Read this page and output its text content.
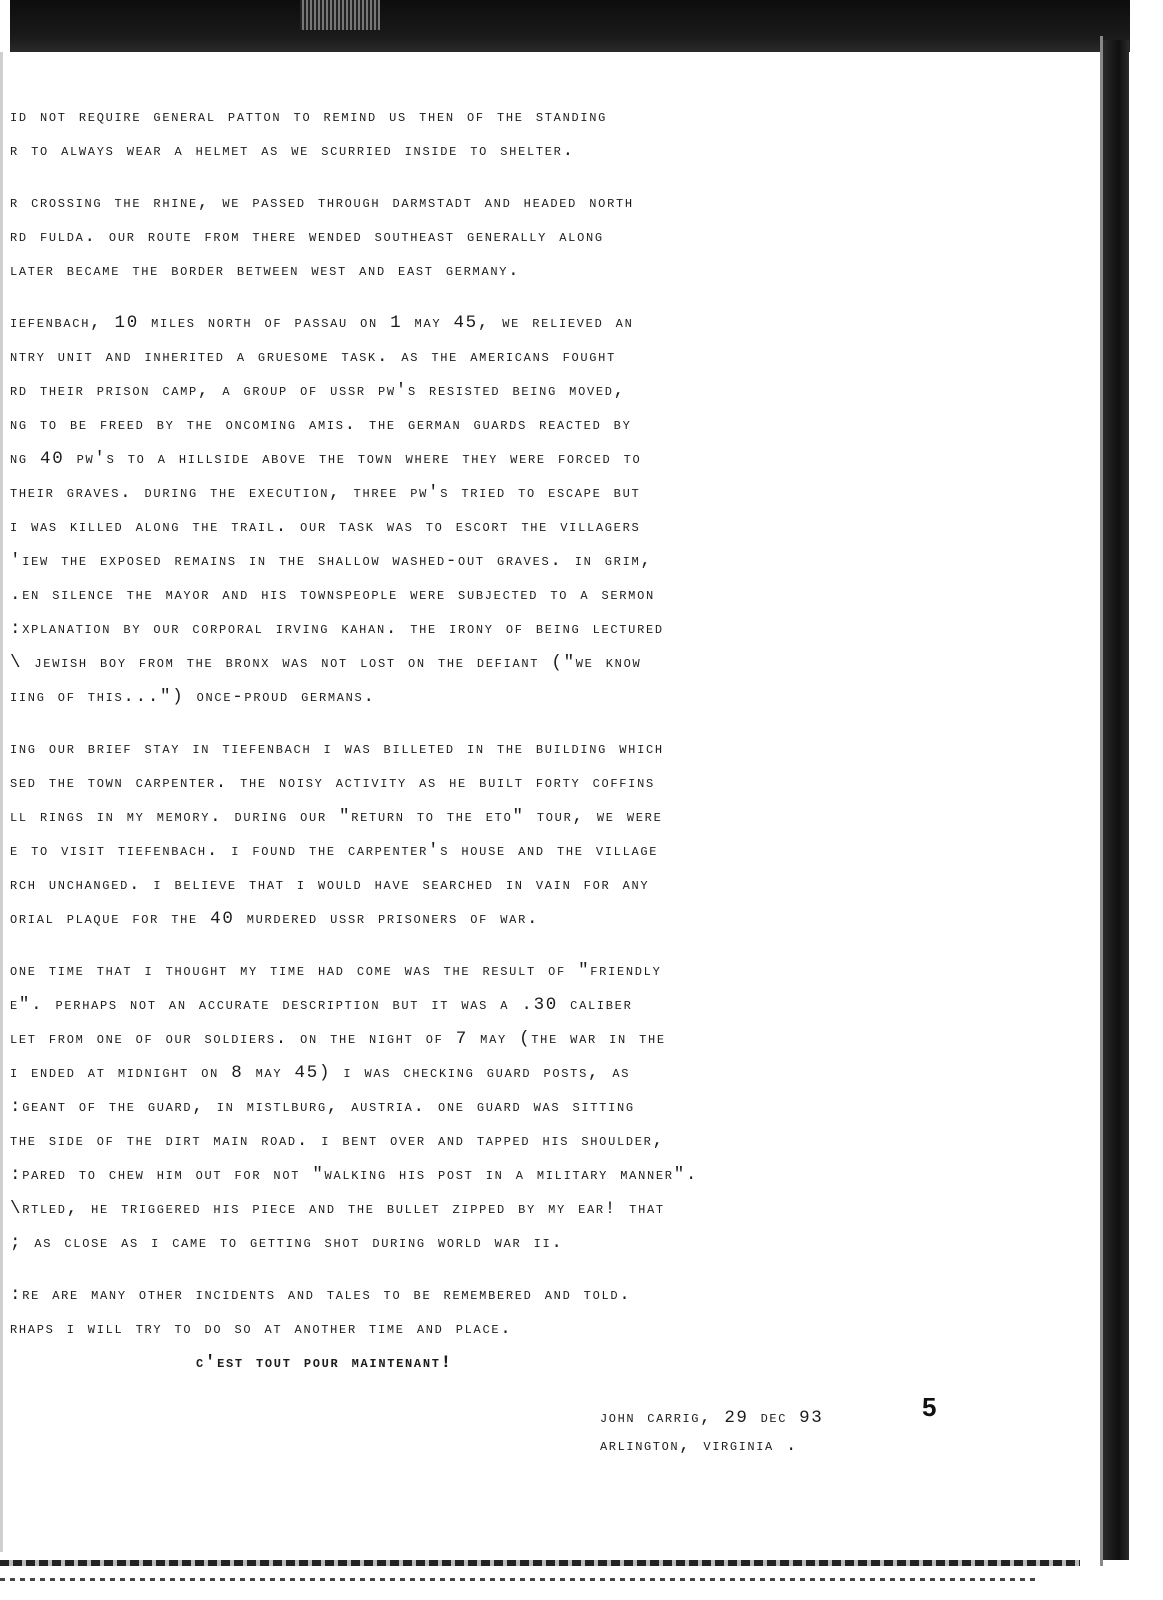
id not require general patton to remind us then of the standing
r to always wear a helmet as we scurried inside to shelter.
r crossing the rhine, we passed through darmstadt and headed north
rd fulda. our route from there wended southeast generally along
later became the border between west and east germany.
iefenbach, 10 miles north of passau on 1 may 45, we relieved an
ntry unit and inherited a gruesome task. as the americans fought
rd their prison camp, a group of ussr pw's resisted being moved,
ng to be freed by the oncoming amis. the german guards reacted by
ng 40 pw's to a hillside above the town where they were forced to
their graves. during the execution, three pw's tried to escape but
i was killed along the trail. our task was to escort the villagers
'iew the exposed remains in the shallow washed-out graves. in grim,
.en silence the mayor and his townspeople were subjected to a sermon
:xplanation by our corporal irving kahan. the irony of being lectured
\ jewish boy from the bronx was not lost on the defiant ("we know
iing of this...") once-proud germans.
ing our brief stay in tiefenbach i was billeted in the building which
sed the town carpenter. the noisy activity as he built forty coffins
ll rings in my memory. during our "return to the eto" tour, we were
e to visit tiefenbach. i found the carpenter's house and the village
rch unchanged. i believe that i would have searched in vain for any
orial plaque for the 40 murdered ussr prisoners of war.
one time that i thought my time had come was the result of "friendly
e". perhaps not an accurate description but it was a .30 caliber
let from one of our soldiers. on the night of 7 may (the war in the
i ended at midnight on 8 may 45) i was checking guard posts, as
:geant of the guard, in mistlburg, austria. one guard was sitting
the side of the dirt main road. i bent over and tapped his shoulder,
:pared to chew him out for not "walking his post in a military manner".
\rtled, he triggered his piece and the bullet zipped by my ear! that
; as close as i came to getting shot during world war ii.
:re are many other incidents and tales to be remembered and told.
rhaps i will try to do so at another time and place.
c'est tout pour maintenant!
john carrig, 29 dec 93
arlington, virginia .
5
